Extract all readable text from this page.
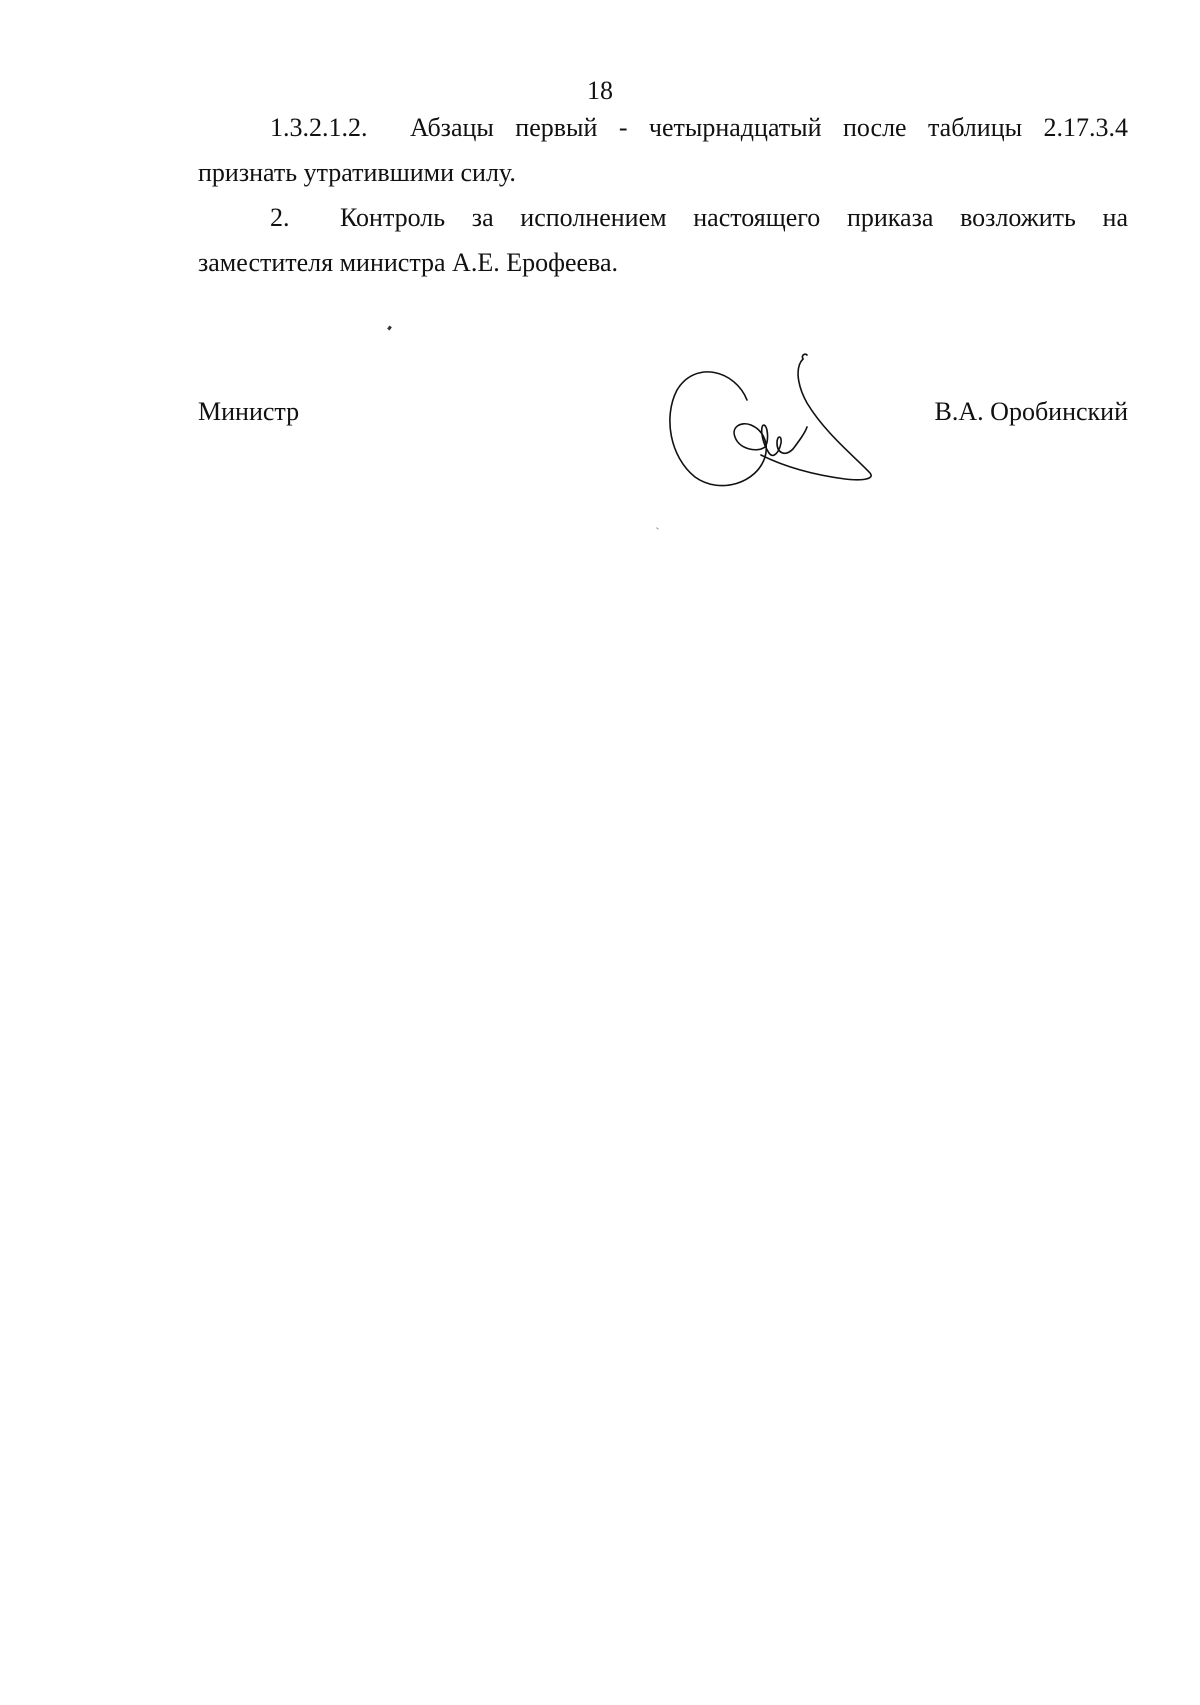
18
1.3.2.1.2. Абзацы первый - четырнадцатый после таблицы 2.17.3.4
признать утратившими силу.
2. Контроль за исполнением настоящего приказа возложить на
заместителя министра А.Е. Ерофеева.
Министр	В.А. Оробинский
